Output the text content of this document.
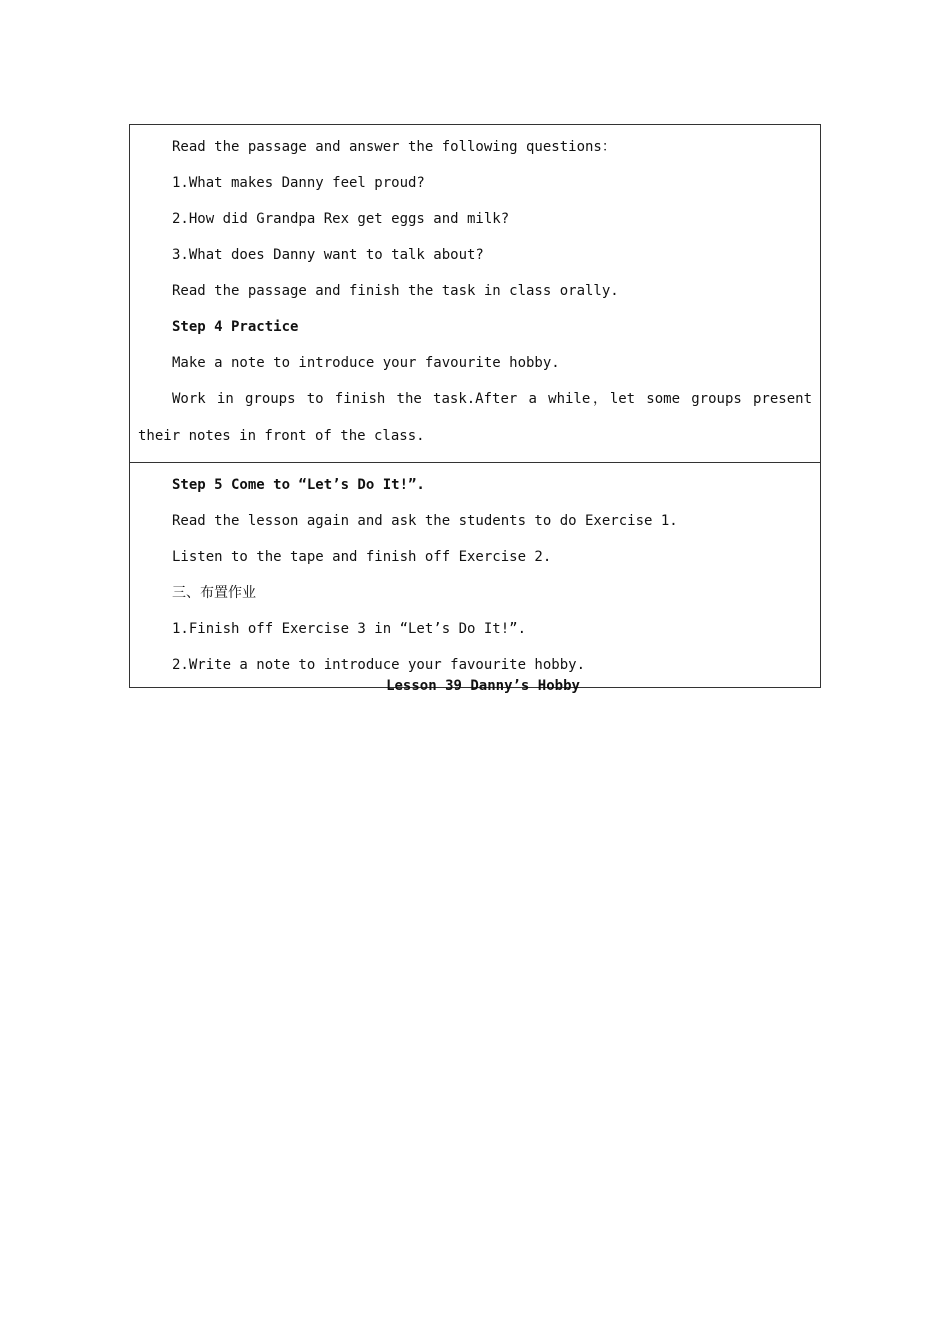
Read the passage and answer the following questions：
1.What makes Danny feel proud?
2.How did Grandpa Rex get eggs and milk?
3.What does Danny want to talk about?
Read the passage and finish the task in class orally.
Step 4 Practice
Make a note to introduce your favourite hobby.
Work in groups to finish the task.After a while，let some groups present
their notes in front of the class.
Step 5 Come to “Let’s Do It!”.
Read the lesson again and ask the students to do Exercise 1.
Listen to the tape and finish off Exercise 2.
三、布置作业
1.Finish off Exercise 3 in “Let’s Do It!”.
2.Write a note to introduce your favourite hobby.
Lesson 39 Danny’s Hobby
